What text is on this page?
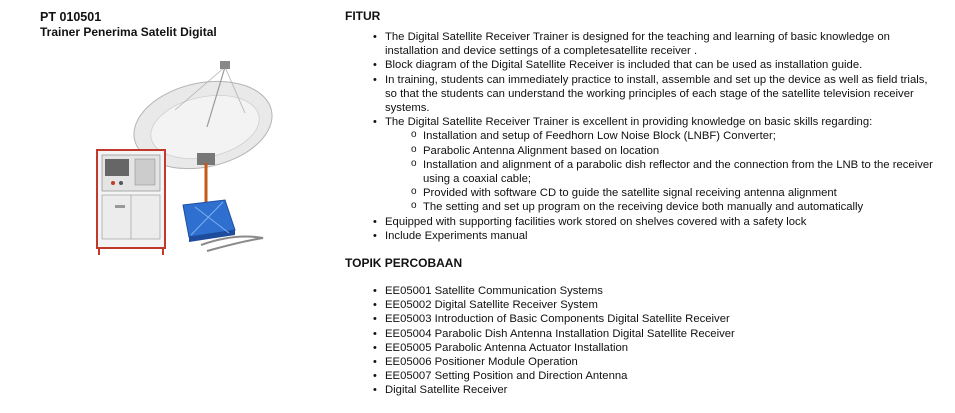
PT 010501
Trainer Penerima Satelit Digital
FITUR
• The Digital Satellite Receiver Trainer is designed for the teaching and learning of basic knowledge on installation and device settings of a completesatellite receiver .
• Block diagram of the Digital Satellite Receiver is included that can be used as installation guide.
• In training, students can immediately practice to install, assemble and set up the device as well as field trials, so that the students can understand the working principles of each stage of the satellite television receiver systems.
• The Digital Satellite Receiver Trainer is excellent in providing knowledge on basic skills regarding:
o Installation and setup of Feedhorn Low Noise Block (LNBF) Converter;
o Parabolic Antenna Alignment based on location
o Installation and alignment of a parabolic dish reflector and the connection from the LNB to the receiver using a coaxial cable;
o Provided with software CD to guide the satellite signal receiving antenna alignment
o The setting and set up program on the receiving device both manually and automatically
• Equipped with supporting facilities work stored on shelves covered with a safety lock
• Include Experiments manual
TOPIK PERCOBAAN
• EE05001 Satellite Communication Systems
• EE05002 Digital Satellite Receiver System
• EE05003 Introduction of Basic Components Digital Satellite Receiver
• EE05004 Parabolic Dish Antenna Installation Digital Satellite Receiver
• EE05005 Parabolic Antenna Actuator Installation
• EE05006 Positioner Module Operation
• EE05007 Setting Position and Direction Antenna
• Digital Satellite Receiver
